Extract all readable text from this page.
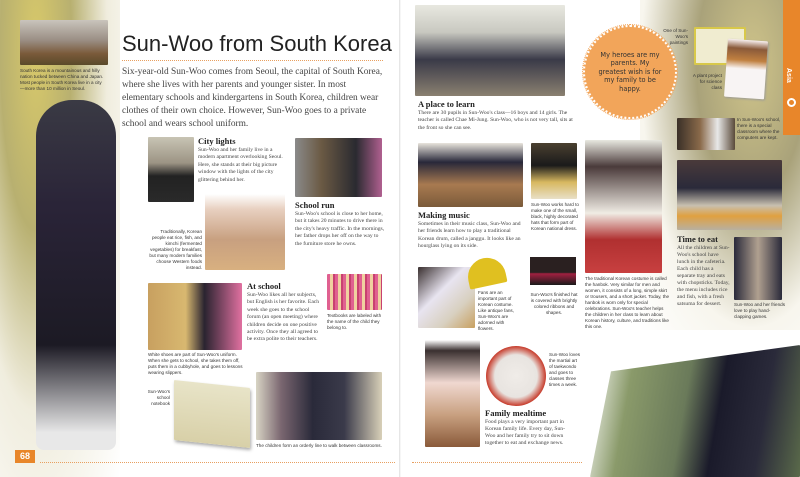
South Korea is a mountainous and hilly nation tucked between China and Japan. Most people in South Korea live in a city—more than 10 million in Seoul.
Sun-Woo from South Korea
Six-year-old Sun-Woo comes from Seoul, the capital of South Korea, where she lives with her parents and younger sister. In most elementary schools and kindergartens in South Korea, children wear clothes of their own choice. However, Sun-Woo goes to a private school and wears school uniform.
City lights
Sun-Woo and her family live in a modern apartment overlooking Seoul. Here, she stands at their big picture window with the lights of the city glittering behind her.
School run
Sun-Woo's school is close to her home, but it takes 20 minutes to drive there in the city's heavy traffic. In the mornings, her father drops her off on the way to the furniture store he owns.
Traditionally, Korean people eat rice, fish, and kimchi (fermented vegetables) for breakfast, but many modern families choose Western foods instead.
Textbooks are labeled with the name of the child they belong to.
White shoes are part of Sun-Woo's uniform. When she gets to school, she takes them off, puts them in a cubbyhole, and goes to lessons wearing slippers.
At school
Sun-Woo likes all her subjects, but English is her favorite. Each week she goes to the school forum (an open meeting) where children decide on one positive activity. Once they all agreed to be extra polite to their teachers.
Sun-Woo's school notebook
The children form an orderly line to walk between classrooms.
68
A place to learn
There are 30 pupils in Sun-Woo's class—16 boys and 14 girls. The teacher is called Chae Mi-Jung. Sun-Woo, who is not very tall, sits at the front so she can see.
My heroes are my parents. My greatest wish is for my family to be happy.
One of Sun-Woo's paintings
A plant project for science class
Asia
In Sun-Woo's school, there is a special classroom where the computers are kept.
Making music
Sometimes in their music class, Sun-Woo and her friends learn how to play a traditional Korean drum, called a janggu. It looks like an hourglass lying on its side.
Sun-Woo works hard to make one of the small, black, highly decorated hats that form part of Korean national dress.
The traditional Korean costume is called the hanbok. Very similar for men and women, it consists of a long, simple skirt or trousers, and a short jacket. Today, the hanbok is worn only for special celebrations. Sun-Woo's teacher helps the children in her class to learn about Korean history, culture, and traditions like this one.
Time to eat
All the children at Sun-Woo's school have lunch in the cafeteria. Each child has a separate tray and eats with chopsticks. Today, the menu includes rice and fish, with a fresh satsuma for dessert.	Sun-Woo and her friends love to play hand-clapping games.
Fans are an important part of Korean costume. Like antique fans, Sun-Woo's are adorned with flowers.
Sun-Woo's finished hat is covered with brightly colored ribbons and shapes.
Sun-Woo loves the martial art of taekwondo and goes to classes three times a week.
Family mealtime
Food plays a very important part in Korean family life. Every day, Sun-Woo and her family try to sit down together to eat and exchange news.
